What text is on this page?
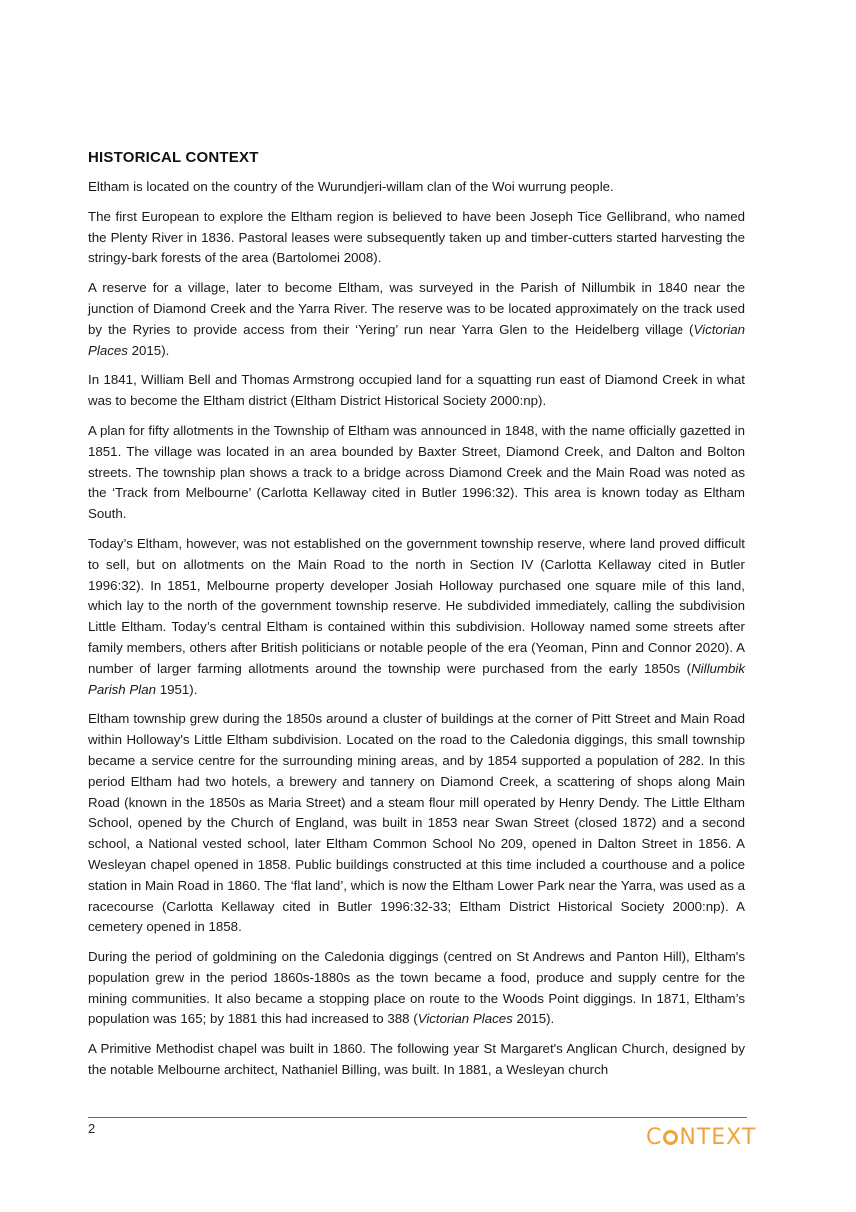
HISTORICAL CONTEXT

Eltham is located on the country of the Wurundjeri-willam clan of the Woi wurrung people.

The first European to explore the Eltham region is believed to have been Joseph Tice Gellibrand, who named the Plenty River in 1836. Pastoral leases were subsequently taken up and timber-cutters started harvesting the stringy-bark forests of the area (Bartolomei 2008).

A reserve for a village, later to become Eltham, was surveyed in the Parish of Nillumbik in 1840 near the junction of Diamond Creek and the Yarra River. The reserve was to be located approximately on the track used by the Ryries to provide access from their ‘Yering’ run near Yarra Glen to the Heidelberg village (Victorian Places 2015).

In 1841, William Bell and Thomas Armstrong occupied land for a squatting run east of Diamond Creek in what was to become the Eltham district (Eltham District Historical Society 2000:np).

A plan for fifty allotments in the Township of Eltham was announced in 1848, with the name officially gazetted in 1851. The village was located in an area bounded by Baxter Street, Diamond Creek, and Dalton and Bolton streets. The township plan shows a track to a bridge across Diamond Creek and the Main Road was noted as the ‘Track from Melbourne’ (Carlotta Kellaway cited in Butler 1996:32). This area is known today as Eltham South.

Today’s Eltham, however, was not established on the government township reserve, where land proved difficult to sell, but on allotments on the Main Road to the north in Section IV (Carlotta Kellaway cited in Butler 1996:32). In 1851, Melbourne property developer Josiah Holloway purchased one square mile of this land, which lay to the north of the government township reserve. He subdivided immediately, calling the subdivision Little Eltham. Today’s central Eltham is contained within this subdivision. Holloway named some streets after family members, others after British politicians or notable people of the era (Yeoman, Pinn and Connor 2020). A number of larger farming allotments around the township were purchased from the early 1850s (Nillumbik Parish Plan 1951).

Eltham township grew during the 1850s around a cluster of buildings at the corner of Pitt Street and Main Road within Holloway's Little Eltham subdivision. Located on the road to the Caledonia diggings, this small township became a service centre for the surrounding mining areas, and by 1854 supported a population of 282. In this period Eltham had two hotels, a brewery and tannery on Diamond Creek, a scattering of shops along Main Road (known in the 1850s as Maria Street) and a steam flour mill operated by Henry Dendy. The Little Eltham School, opened by the Church of England, was built in 1853 near Swan Street (closed 1872) and a second school, a National vested school, later Eltham Common School No 209, opened in Dalton Street in 1856. A Wesleyan chapel opened in 1858. Public buildings constructed at this time included a courthouse and a police station in Main Road in 1860. The ‘flat land’, which is now the Eltham Lower Park near the Yarra, was used as a racecourse (Carlotta Kellaway cited in Butler 1996:32-33; Eltham District Historical Society 2000:np). A cemetery opened in 1858.

During the period of goldmining on the Caledonia diggings (centred on St Andrews and Panton Hill), Eltham's population grew in the period 1860s-1880s as the town became a food, produce and supply centre for the mining communities. It also became a stopping place on route to the Woods Point diggings. In 1871, Eltham’s population was 165; by 1881 this had increased to 388 (Victorian Places 2015).

A Primitive Methodist chapel was built in 1860. The following year St Margaret's Anglican Church, designed by the notable Melbourne architect, Nathaniel Billing, was built. In 1881, a Wesleyan church

2	C NTEXT
